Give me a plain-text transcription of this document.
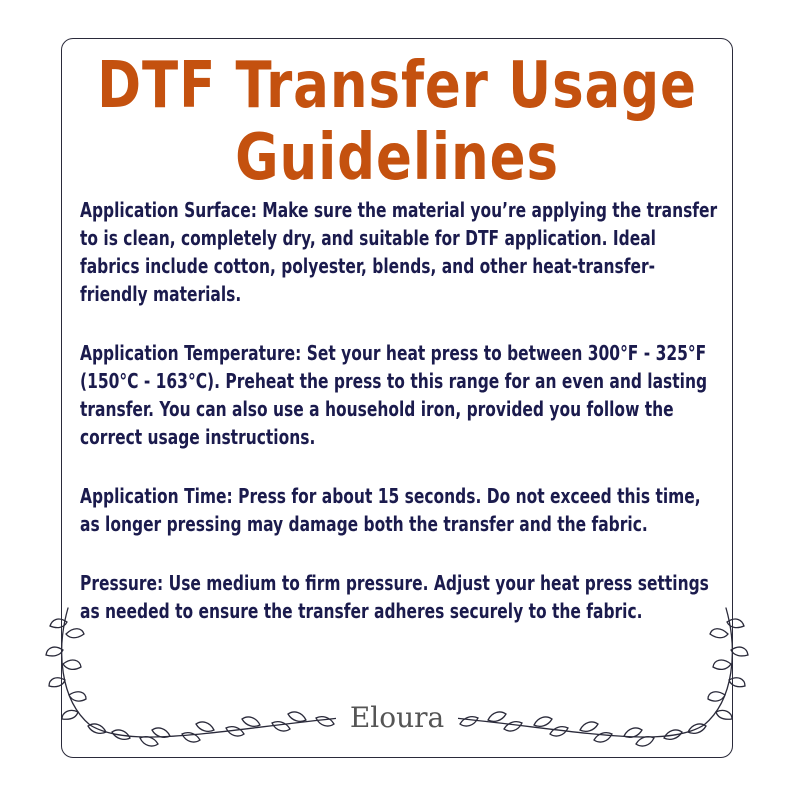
DTF Transfer Usage
Guidelines

Application Surface: Make sure the material you’re applying the transfer to is clean, completely dry, and suitable for DTF application. Ideal fabrics include cotton, polyester, blends, and other heat-transfer-friendly materials.

Application Temperature: Set your heat press to between 300°F - 325°F (150°C - 163°C). Preheat the press to this range for an even and lasting transfer. You can also use a household iron, provided you follow the correct usage instructions.

Application Time: Press for about 15 seconds. Do not exceed this time, as longer pressing may damage both the transfer and the fabric.

Pressure: Use medium to firm pressure. Adjust your heat press settings as needed to ensure the transfer adheres securely to the fabric.

Eloura
